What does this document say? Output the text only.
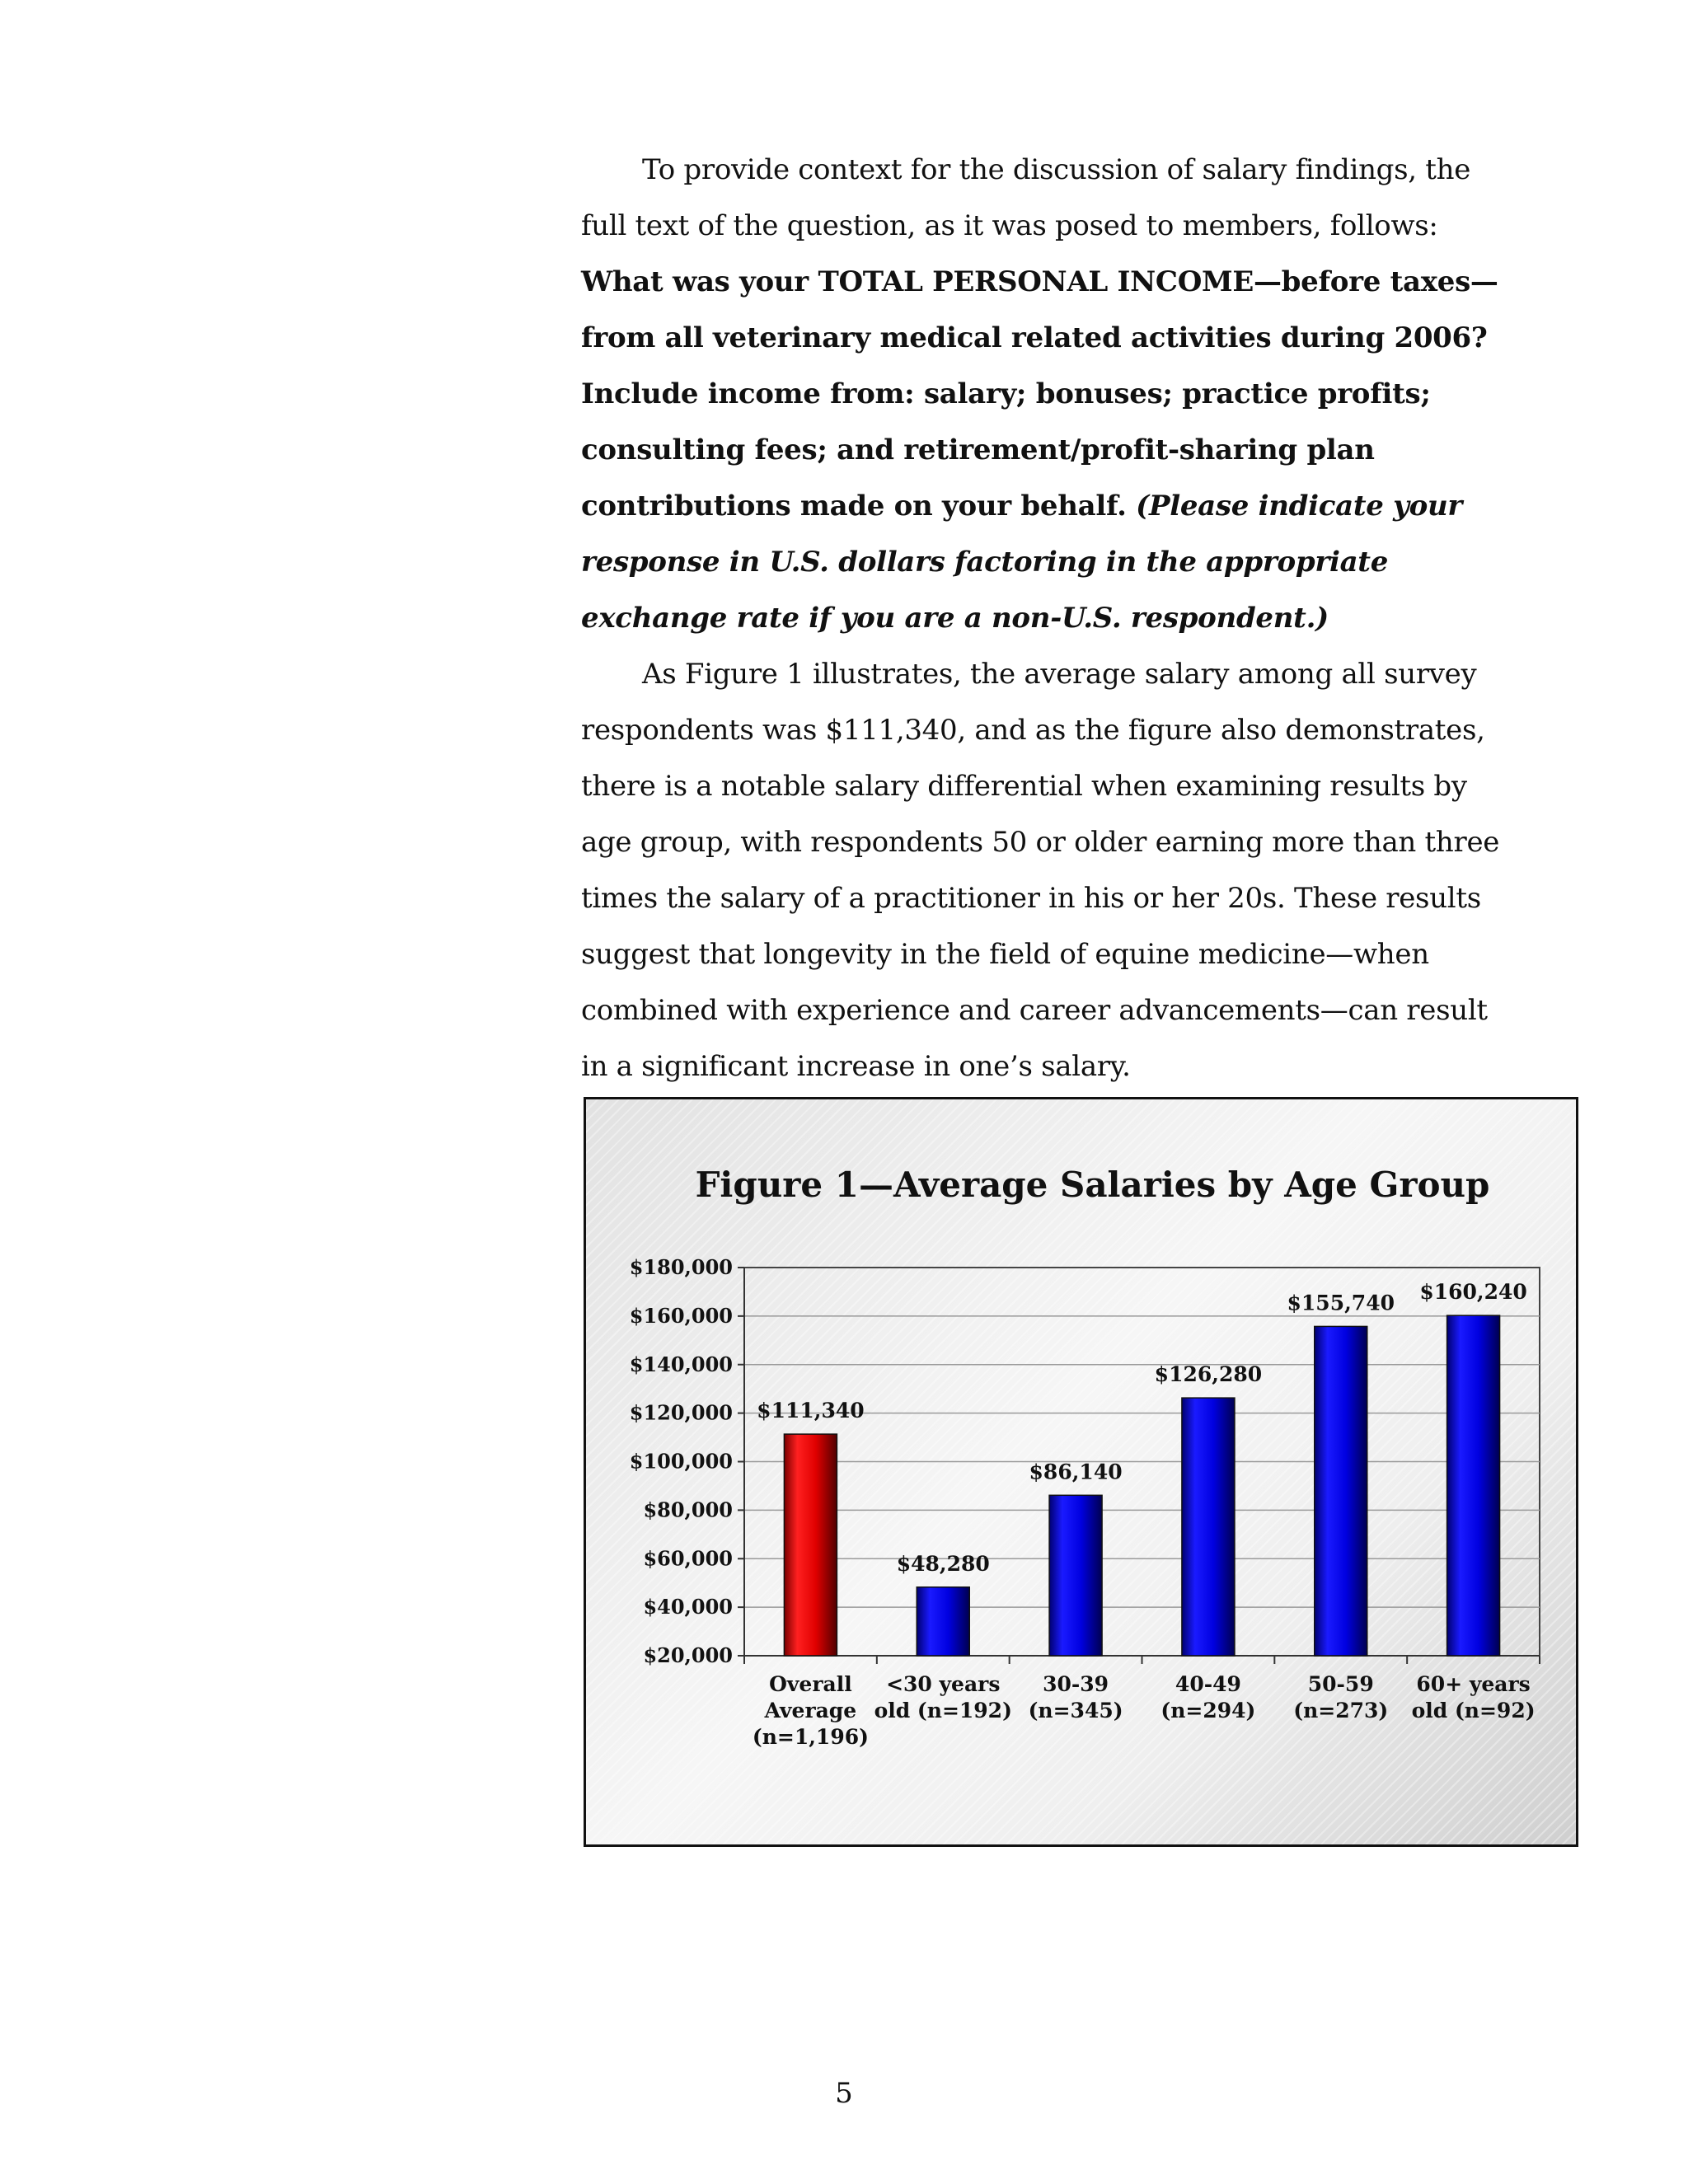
To provide context for the discussion of salary findings, the full text of the question, as it was posed to members, follows: What was your TOTAL PERSONAL INCOME—before taxes—from all veterinary medical related activities during 2006? Include income from: salary; bonuses; practice profits; consulting fees; and retirement/profit-sharing plan contributions made on your behalf. (Please indicate your response in U.S. dollars factoring in the appropriate exchange rate if you are a non-U.S. respondent.)

As Figure 1 illustrates, the average salary among all survey respondents was $111,340, and as the figure also demonstrates, there is a notable salary differential when examining results by age group, with respondents 50 or older earning more than three times the salary of a practitioner in his or her 20s. These results suggest that longevity in the field of equine medicine—when combined with experience and career advancements—can result in a significant increase in one’s salary.

Figure 1—Average Salaries by Age Group
$20,000
$40,000
$60,000
$80,000
$100,000
$120,000
$140,000
$160,000
$180,000
$111,340
Overall
Average
(n=1,196)
$48,280
<30 years
old (n=192)
$86,140
30-39
(n=345)
$126,280
40-49
(n=294)
$155,740
50-59
(n=273)
$160,240
60+ years
old (n=92)
5
